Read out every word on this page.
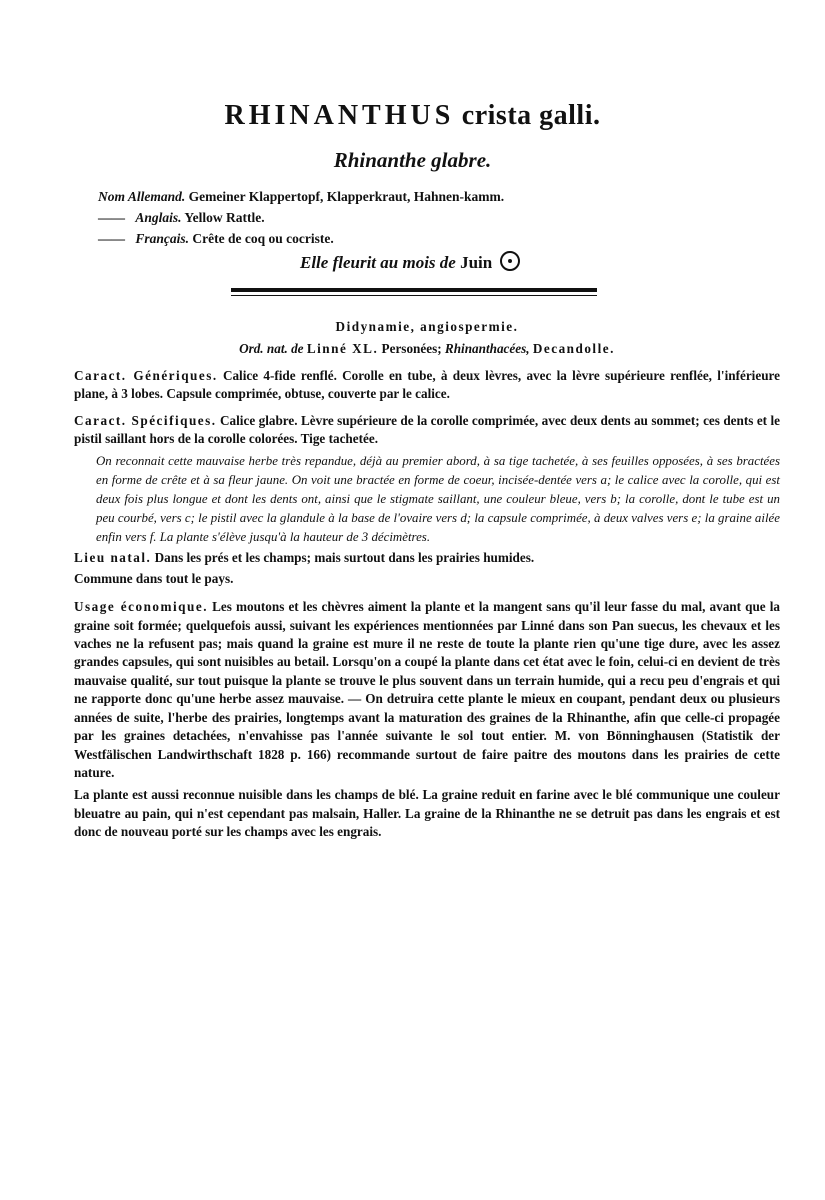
RHINANTHUS crista galli.
Rhinanthe glabre.
Nom Allemand. Gemeiner Klappertopf, Klapperkraut, Hahnen-kamm.
—— Anglais. Yellow Rattle.
—— Français. Crête de coq ou cocriste.
Elle fleurit au mois de Juin
Didynamie, angiospermie.
Ord. nat. de Linné XL. Personées; Rhinanthacées, Decandolle.

Caract. Génériques. Calice 4-fide renflé. Corolle en tube, à deux lèvres, avec la lèvre supérieure renflée, l'inférieure plane, à 3 lobes. Capsule comprimée, obtuse, couverte par le calice.

Caract. Spécifiques. Calice glabre. Lèvre supérieure de la corolle comprimée, avec deux dents au sommet; ces dents et le pistil saillant hors de la corolle colorées. Tige tachetée.

On reconnait cette mauvaise herbe très repandue, déjà au premier abord, à sa tige tachetée, à ses feuilles opposées, à ses bractées en forme de crête et à sa fleur jaune. On voit une bractée en forme de coeur, incisée-dentée vers a; le calice avec la corolle, qui est deux fois plus longue et dont les dents ont, ainsi que le stigmate saillant, une couleur bleue, vers b; la corolle, dont le tube est un peu courbé, vers c; le pistil avec la glandule à la base de l'ovaire vers d; la capsule comprimée, à deux valves vers e; la graine ailée enfin vers f. La plante s'élève jusqu'à la hauteur de 3 décimètres.

Lieu natal. Dans les prés et les champs; mais surtout dans les prairies humides.

Commune dans tout le pays.

Usage économique. Les moutons et les chèvres aiment la plante et la mangent sans qu'il leur fasse du mal, avant que la graine soit formée; quelquefois aussi, suivant les expériences mentionnées par Linné dans son Pan suecus, les chevaux et les vaches ne la refusent pas; mais quand la graine est mure il ne reste de toute la plante rien qu'une tige dure, avec les assez grandes capsules, qui sont nuisibles au betail. Lorsqu'on a coupé la plante dans cet état avec le foin, celui-ci en devient de très mauvaise qualité, sur tout puisque la plante se trouve le plus souvent dans un terrain humide, qui a recu peu d'engrais et qui ne rapporte donc qu'une herbe assez mauvaise. — On detruira cette plante le mieux en coupant, pendant deux ou plusieurs années de suite, l'herbe des prairies, longtemps avant la maturation des graines de la Rhinanthe, afin que celle-ci propagée par les graines detachées, n'envahisse pas l'année suivante le sol tout entier. M. von Bönninghausen (Statistik der Westfälischen Landwirthschaft 1828 p. 166) recommande surtout de faire paitre des moutons dans les prairies de cette nature.

La plante est aussi reconnue nuisible dans les champs de blé. La graine reduit en farine avec le blé communique une couleur bleuatre au pain, qui n'est cependant pas malsain, Haller. La graine de la Rhinanthe ne se detruit pas dans les engrais et est donc de nouveau porté sur les champs avec les engrais.
